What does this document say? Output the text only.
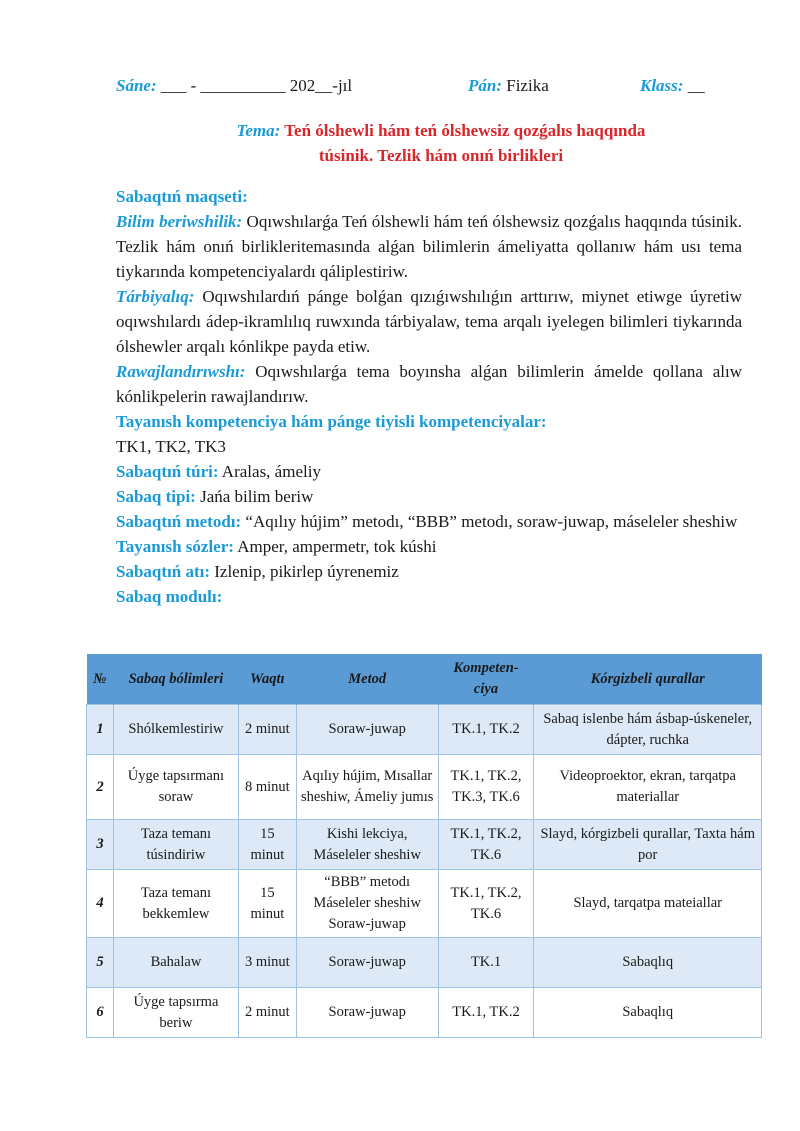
Sáne: ___ - __________ 202__-jıl	Pán: Fizika	Klass: __
Tema: Teń ólshewli hám teń ólshewsiz qozǵalıs haqqında
túsinik. Tezlik hám onıń birlikleri

Sabaqtıń maqseti:

Bilim beriwshilik: Oqıwshılarǵa Teń ólshewli hám teń ólshewsiz qozǵalıs haqqında túsinik. Tezlik hám onıń birlikleritemasında alǵan bilimlerin ámeliyatta qollanıw hám usı tema tiykarında kompetenciyalardı qáliplestiriw.

Tárbiyalıq: Oqıwshılardıń pánge bolǵan qızıǵıwshılıǵın arttırıw, miynet etiwge úyretiw oqıwshılardı ádep-ikramlılıq ruwxında tárbiyalaw, tema arqalı iyelegen bilimleri tiykarında ólshewler arqalı kónlikpe payda etiw.

Rawajlandırıwshı: Oqıwshılarǵa tema boyınsha alǵan bilimlerin ámelde qollana alıw kónlikpelerin rawajlandırıw.

Tayanısh kompetenciya hám pánge tiyisli kompetenciyalar:

TK1, TK2, TK3

Sabaqtıń túri: Aralas, ámeliy

Sabaq tipi: Jańa bilim beriw

Sabaqtıń metodı: “Aqılıy hújim” metodı, “BBB” metodı, soraw-juwap, máseleler sheshiw

Tayanısh sózler: Amper, ampermetr, tok kúshi

Sabaqtıń atı: Izlenip, pikirlep úyrenemiz

Sabaq modulı:

№	Sabaq bólimleri	Waqtı	Metod	Kompeten-ciya	Kórgizbeli qurallar
1	Shólkemlestiriw	2 minut	Soraw-juwap	TK.1, TK.2	Sabaq islenbe hám ásbap-úskeneler, dápter, ruchka
2	Úyge tapsırmanı soraw	8 minut	Aqılıy hújim, Mısallar sheshiw, Ámeliy jumıs	TK.1, TK.2, TK.3, TK.6	Videoproektor, ekran, tarqatpa materiallar
3	Taza temanı túsindiriw	15 minut	Kishi lekciya, Máseleler sheshiw	TK.1, TK.2, TK.6	Slayd, kórgizbeli qurallar, Taxta hám por
4	Taza temanı bekkemlew	15 minut	“BBB” metodı Máseleler sheshiw Soraw-juwap	TK.1, TK.2, TK.6	Slayd, tarqatpa mateiallar
5	Bahalaw	3 minut	Soraw-juwap	TK.1	Sabaqlıq
6	Úyge tapsırma beriw	2 minut	Soraw-juwap	TK.1, TK.2	Sabaqlıq
